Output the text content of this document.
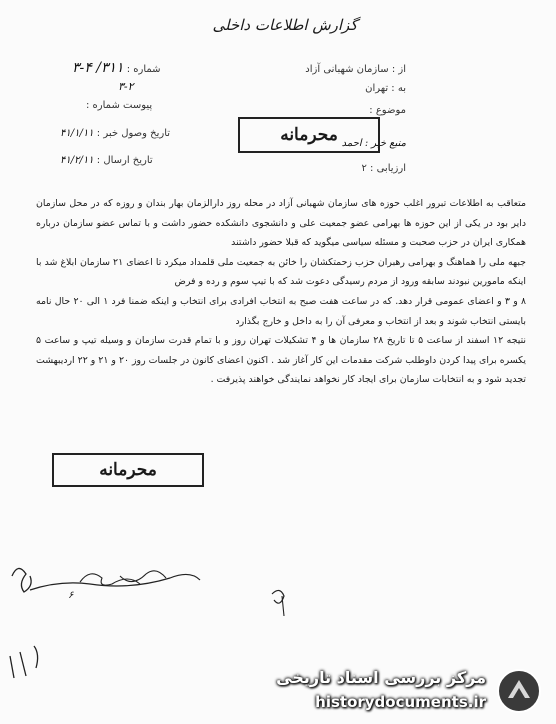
گزارش اطلاعات داخلی
از : سازمان شهبانی آزاد
به : تهران
موضوع :
منبع خبر : احمد
ارزیابی : ۲
شماره : ۳۱۱/ ۴-۳
۳-۲
پیوست شماره :
تاریخ وصول خبر : ۴۱/۱/۱۱
تاریخ ارسال : ۴۱/۲/۱۱
محرمانه

متعاقب به اطلاعات تبرور اغلب حوزه های سازمان شهبانی آزاد در محله روز دارالزمان بهار بندان و روزه که در محل سازمان دایر بود در یکی از این حوزه ها بهرامی عضو جمعیت علی و دانشجوی دانشکده حضور داشت و با تماس عضو سازمان درباره همکاری ایران در حزب صحبت و مسئله سیاسی میگوید که قبلا حضور داشتند

جبهه ملی را هماهنگ و بهرامی رهبران حزب زحمتکشان را خائن به جمعیت ملی قلمداد میکرد تا اعضای ۲۱ سازمان ابلاغ شد با اینکه مامورین نبودند سابقه ورود از مردم رسیدگی دعوت شد که با تیپ سوم و رده و فرض

۸ و ۳ و اعضای عمومی قرار دهد. که در ساعت هفت صبح به انتخاب افرادی برای انتخاب و اینکه ضمنا فرد ۱ الی ۲۰ حال نامه بایستی انتخاب شوند و بعد از انتخاب و معرفی آن را به داخل و خارج بگذارد

نتیجه ۱۲ اسفند از ساعت ۵ تا تاریخ ۲۸ سازمان ها و ۴ تشکیلات تهران روز و با تمام قدرت سازمان و وسیله تیپ و ساعت ۵ یکسره برای پیدا کردن داوطلب شرکت مقدمات این کار آغاز شد . اکنون اعضای کانون در جلسات روز ۲۰ و ۲۱ و ۲۲ اردیبهشت تجدید شود و به انتخابات سازمان برای ایجاد کار نخواهد نمایندگی خواهند پذیرفت .

محرمانه
۶
مرکز بررسی اسناد تاریخی
historydocuments.ir
